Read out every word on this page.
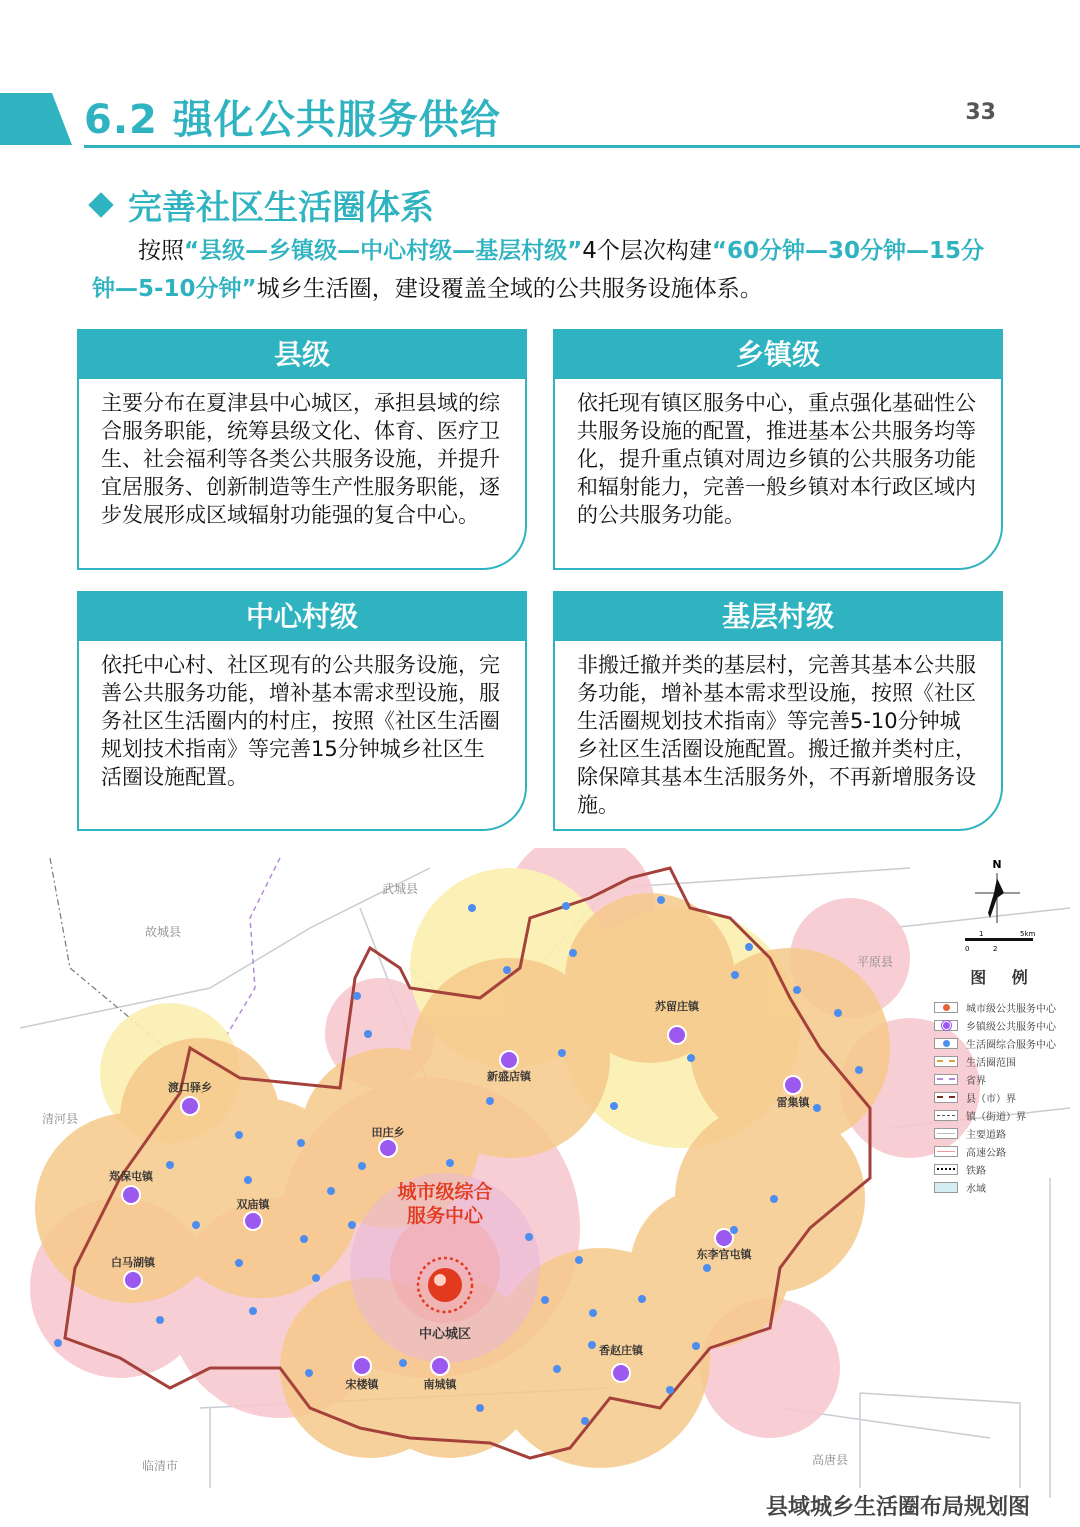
6.2 强化公共服务供给	33
完善社区生活圈体系
按照“县级—乡镇级—中心村级—基层村级”4个层次构建“60分钟—30分钟—15分钟—5-10分钟”城乡生活圈，建设覆盖全域的公共服务设施体系。
县级
主要分布在夏津县中心城区，承担县域的综合服务职能，统筹县级文化、体育、医疗卫生、社会福利等各类公共服务设施，并提升宜居服务、创新制造等生产性服务职能，逐步发展形成区域辐射功能强的复合中心。
乡镇级
依托现有镇区服务中心，重点强化基础性公共服务设施的配置，推进基本公共服务均等化，提升重点镇对周边乡镇的公共服务功能和辐射能力，完善一般乡镇对本行政区域内的公共服务功能。
中心村级
依托中心村、社区现有的公共服务设施，完善公共服务功能，增补基本需求型设施，服务社区生活圈内的村庄，按照《社区生活圈规划技术指南》等完善15分钟城乡社区生活圈设施配置。
基层村级
非搬迁撤并类的基层村，完善其基本公共服务功能，增补基本需求型设施，按照《社区生活圈规划技术指南》等完善5-10分钟城乡社区生活圈设施配置。搬迁撤并类村庄，除保障其基本生活服务外，不再新增服务设施。
城市级综合
服务中心
中心城区
武城县
故城县
清河县
平原县
临清市	高唐县
渡口驿乡
田庄乡
新盛店镇
苏留庄镇
雷集镇
郑保屯镇
双庙镇
白马湖镇
东李官屯镇
宋楼镇	南城镇
香赵庄镇
N
0
1
2
5km
图 例
城市级公共服务中心
乡镇级公共服务中心
生活圈综合服务中心
生活圈范围
省界
县（市）界
镇（街道）界
主要道路
高速公路
铁路
水域
县域城乡生活圈布局规划图
